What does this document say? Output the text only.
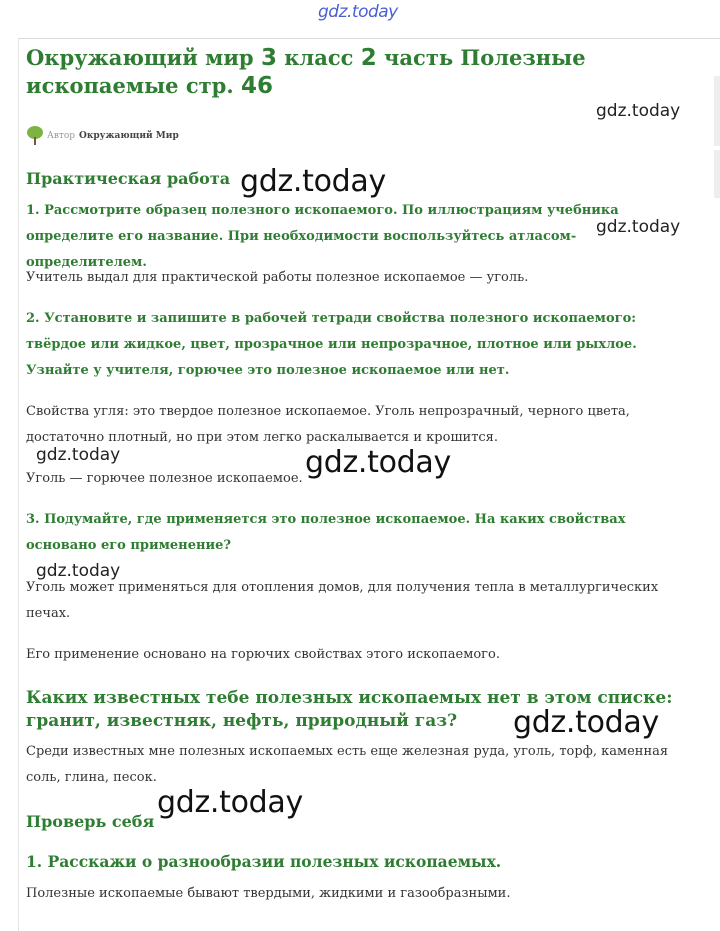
Окружающий мир 3 класс 2 часть Полезные ископаемые стр. 46
Автор Окружающий Мир

Практическая работа

1. Рассмотрите образец полезного ископаемого. По иллюстрациям учебника определите его название. При необходимости воспользуйтесь атласом-определителем.

Учитель выдал для практической работы полезное ископаемое — уголь.

2. Установите и запишите в рабочей тетради свойства полезного ископаемого: твёрдое или жидкое, цвет, прозрачное или непрозрачное, плотное или рыхлое. Узнайте у учителя, горючее это полезное ископаемое или нет.

Свойства угля: это твердое полезное ископаемое. Уголь непрозрачный, черного цвета, достаточно плотный, но при этом легко раскалывается и крошится.

Уголь — горючее полезное ископаемое.

3. Подумайте, где применяется это полезное ископаемое. На каких свойствах основано его применение?

Уголь может применяться для отопления домов, для получения тепла в металлургических печах.

Его применение основано на горючих свойствах этого ископаемого.

Каких известных тебе полезных ископаемых нет в этом списке: гранит, известняк, нефть, природный газ?

Среди известных мне полезных ископаемых есть еще железная руда, уголь, торф, каменная соль, глина, песок.

Проверь себя

1. Расскажи о разнообразии полезных ископаемых.

Полезные ископаемые бывают твердыми, жидкими и газообразными.

gdz.today
gdz.today
gdz.today
gdz.today
gdz.today	gdz.today
gdz.today
gdz.today
gdz.today
